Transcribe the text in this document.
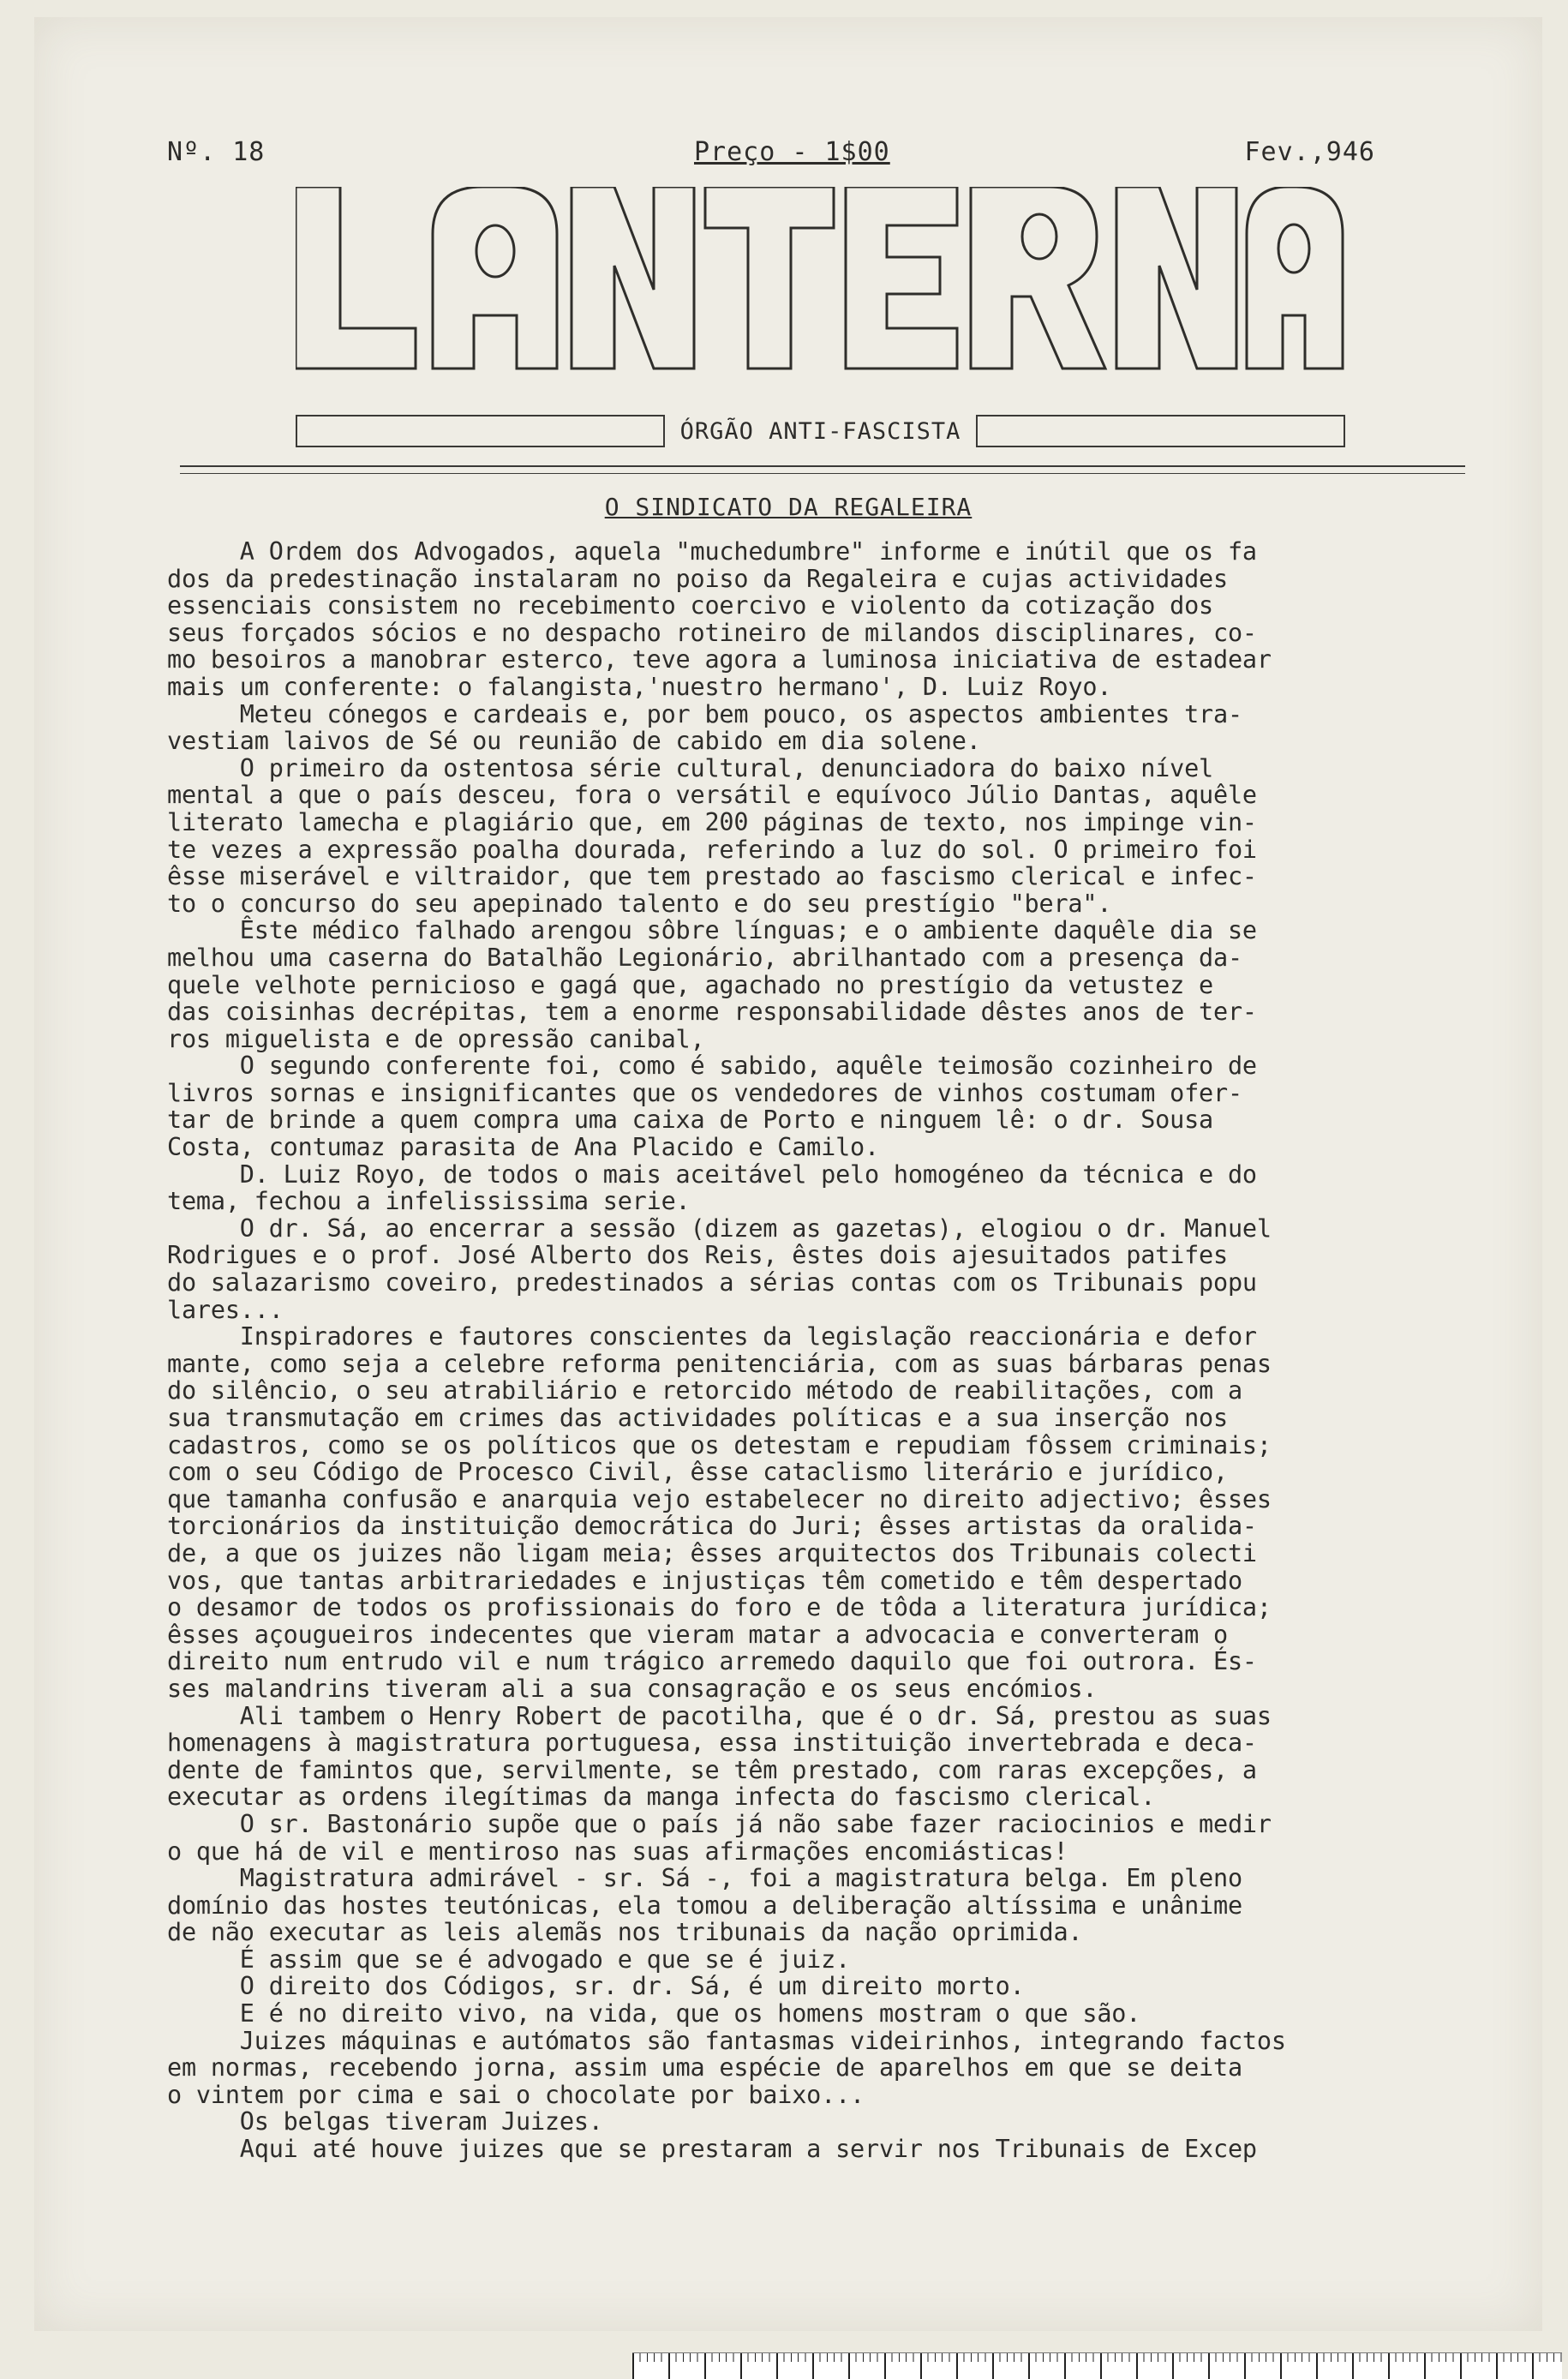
Nº. 18	Preço - 1$00	Fev.,946
ÓRGÃO ANTI-FASCISTA
O SINDICATO DA REGALEIRA
A Ordem dos Advogados, aquela "muchedumbre" informe e inútil que os fa
dos da predestinação instalaram no poiso da Regaleira e cujas actividades
essenciais consistem no recebimento coercivo e violento da cotização dos
seus forçados sócios e no despacho rotineiro de milandos disciplinares, co-
mo besoiros a manobrar esterco, teve agora a luminosa iniciativa de estadear
mais um conferente: o falangista,'nuestro hermano', D. Luiz Royo.
Meteu cónegos e cardeais e, por bem pouco, os aspectos ambientes tra-
vestiam laivos de Sé ou reunião de cabido em dia solene.
O primeiro da ostentosa série cultural, denunciadora do baixo nível
mental a que o país desceu, fora o versátil e equívoco Júlio Dantas, aquêle
literato lamecha e plagiário que, em 200 páginas de texto, nos impinge vin-
te vezes a expressão poalha dourada, referindo a luz do sol. O primeiro foi
êsse miserável e viltraidor, que tem prestado ao fascismo clerical e infec-
to o concurso do seu apepinado talento e do seu prestígio "bera".
Êste médico falhado arengou sôbre línguas; e o ambiente daquêle dia se
melhou uma caserna do Batalhão Legionário, abrilhantado com a presença da-
quele velhote pernicioso e gagá que, agachado no prestígio da vetustez e
das coisinhas decrépitas, tem a enorme responsabilidade dêstes anos de ter-
ros miguelista e de opressão canibal,
O segundo conferente foi, como é sabido, aquêle teimosão cozinheiro de
livros sornas e insignificantes que os vendedores de vinhos costumam ofer-
tar de brinde a quem compra uma caixa de Porto e ninguem lê: o dr. Sousa
Costa, contumaz parasita de Ana Placido e Camilo.
D. Luiz Royo, de todos o mais aceitável pelo homogéneo da técnica e do
tema, fechou a infelississima serie.
O dr. Sá, ao encerrar a sessão (dizem as gazetas), elogiou o dr. Manuel
Rodrigues e o prof. José Alberto dos Reis, êstes dois ajesuitados patifes
do salazarismo coveiro, predestinados a sérias contas com os Tribunais popu
lares...
Inspiradores e fautores conscientes da legislação reaccionária e defor
mante, como seja a celebre reforma penitenciária, com as suas bárbaras penas
do silêncio, o seu atrabiliário e retorcido método de reabilitações, com a
sua transmutação em crimes das actividades políticas e a sua inserção nos
cadastros, como se os políticos que os detestam e repudiam fôssem criminais;
com o seu Código de Procesco Civil, êsse cataclismo literário e jurídico,
que tamanha confusão e anarquia vejo estabelecer no direito adjectivo; êsses
torcionários da instituição democrática do Juri; êsses artistas da oralida-
de, a que os juizes não ligam meia; êsses arquitectos dos Tribunais colecti
vos, que tantas arbitrariedades e injustiças têm cometido e têm despertado
o desamor de todos os profissionais do foro e de tôda a literatura jurídica;
êsses açougueiros indecentes que vieram matar a advocacia e converteram o
direito num entrudo vil e num trágico arremedo daquilo que foi outrora. És-
ses malandrins tiveram ali a sua consagração e os seus encómios.
Ali tambem o Henry Robert de pacotilha, que é o dr. Sá, prestou as suas
homenagens à magistratura portuguesa, essa instituição invertebrada e deca-
dente de famintos que, servilmente, se têm prestado, com raras excepções, a
executar as ordens ilegítimas da manga infecta do fascismo clerical.
O sr. Bastonário supõe que o país já não sabe fazer raciocinios e medir
o que há de vil e mentiroso nas suas afirmações encomiásticas!
Magistratura admirável - sr. Sá -, foi a magistratura belga. Em pleno
domínio das hostes teutónicas, ela tomou a deliberação altíssima e unânime
de não executar as leis alemãs nos tribunais da nação oprimida.
É assim que se é advogado e que se é juiz.
O direito dos Códigos, sr. dr. Sá, é um direito morto.
E é no direito vivo, na vida, que os homens mostram o que são.
Juizes máquinas e autómatos são fantasmas videirinhos, integrando factos
em normas, recebendo jorna, assim uma espécie de aparelhos em que se deita
o vintem por cima e sai o chocolate por baixo...
Os belgas tiveram Juizes.
Aqui até houve juizes que se prestaram a servir nos Tribunais de Excep
